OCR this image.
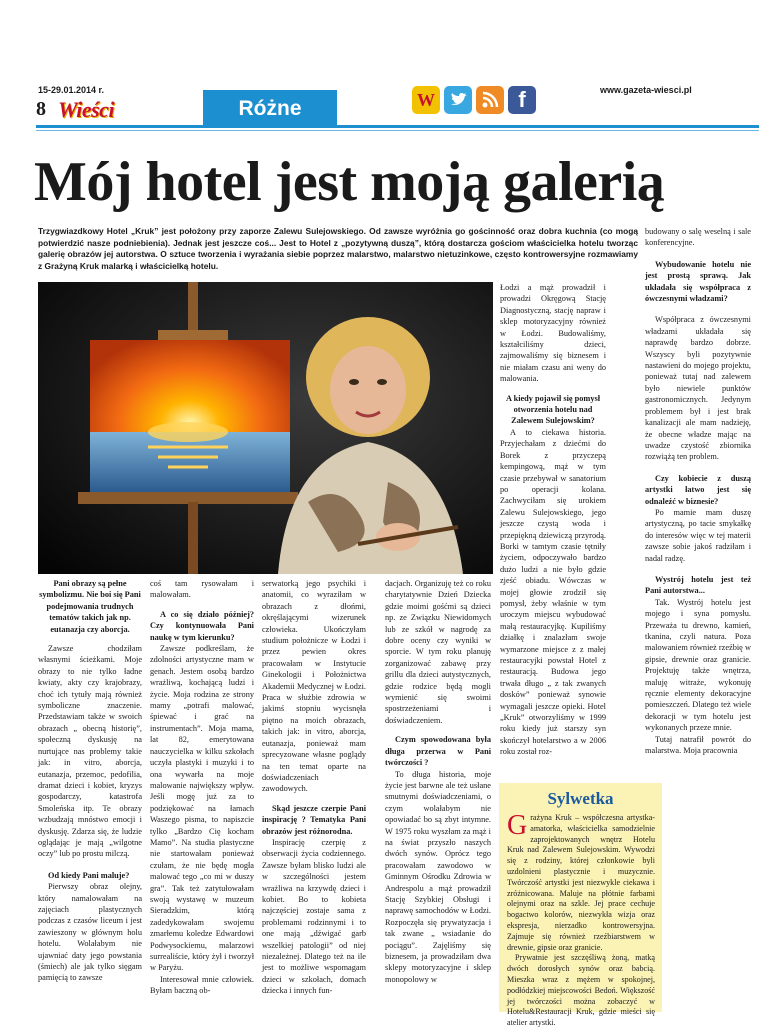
15-29.01.2014 r.	www.gazeta-wiesci.pl
8 Wieści	Różne	W	f
Mój hotel jest moją galerią
Trzygwiazdkowy Hotel „Kruk” jest położony przy zaporze Zalewu Sulejowskiego. Od zawsze wyróżnia go gościnność oraz dobra kuchnia (co mogą potwierdzić nasze podniebienia). Jednak jest jeszcze coś... Jest to Hotel z „pozytywną duszą”, którą dostarcza gościom właścicielka hotelu tworząc galerię obrazów jej autorstwa. O sztuce tworzenia i wyrażania siebie poprzez malarstwo, malarstwo nietuzinkowe, często kontrowersyjne rozmawiamy z Grażyną Kruk malarką i właścicielką hotelu.

Łodzi a mąż prowadził i prowadzi Okręgową Stację Diagnostyczną, stację napraw i sklep motoryzacyjny również w Łodzi. Budowaliśmy, kształciliśmy dzieci, zajmowaliśmy się biznesem i nie miałam czasu ani weny do malowania.

A kiedy pojawił się pomysł otworzenia hotelu nad Zalewem Sulejowskim?

A to ciekawa historia. Przyjechałam z dziećmi do Borek z przyczepą kempingową, mąż w tym czasie przebywał w sanatorium po operacji kolana. Zachwyciłam się urokiem Zalewu Sulejowskiego, jego jeszcze czystą woda i przepiękną dziewiczą przyrodą. Borki w tamtym czasie tętniły życiem, odpoczywało bardzo dużo ludzi a nie było gdzie zjeść obiadu. Wówczas w mojej głowie zrodził się pomysł, żeby właśnie w tym uroczym miejscu wybudować małą restauracyjkę. Kupiliśmy działkę i znalazłam swoje wymarzone miejsce z z małej restauracyjki powstał Hotel z restauracją. Budowa jego trwała długo „ z tak zwanych dosków” ponieważ synowie wymagali jeszcze opieki. Hotel „Kruk” otworzyliśmy w 1999 roku kiedy już starszy syn skończył hotelarstwo a w 2006 roku został roz-

budowany o salę weselną i sale konferencyjne.

Wybudowanie hotelu nie jest prostą sprawą. Jak układała się współpraca z ówczesnymi władzami?

Współpraca z ówczesnymi władzami układała się naprawdę bardzo dobrze. Wszyscy byli pozytywnie nastawieni do mojego projektu, ponieważ tutaj nad zalewem było niewiele punktów gastronomicznych. Jedynym problemem był i jest brak kanalizacji ale mam nadzieję, że obecne władze mając na uwadze czystość zbiornika rozwiążą ten problem.

Czy kobiecie z duszą artystki łatwo jest się odnaleźć w biznesie?

Po mamie mam duszę artystyczną, po tacie smykałkę do interesów więc w tej materii zawsze sobie jakoś radziłam i nadal radzę.

Wystrój hotelu jest też Pani autorstwa...

Tak. Wystrój hotelu jest mojego i syna pomysłu. Przeważa tu drewno, kamień, tkanina, czyli natura. Poza malowaniem również rzeźbię w gipsie, drewnie oraz granicie. Projektuję także wnętrza, maluję witraże, wykonuję ręcznie elementy dekoracyjne pomieszczeń. Dlatego też wiele dekoracji w tym hotelu jest wykonanych przeze mnie.

Tutaj natrafił powrót do malarstwa. Moja pracownia

Pani obrazy są pełne symbolizmu. Nie boi się Pani podejmowania trudnych tematów takich jak np. eutanazja czy aborcja.

Zawsze chodziłam własnymi ścieżkami. Moje obrazy to nie tylko ładne kwiaty, akty czy krajobrazy, choć ich tytuły mają również symboliczne znaczenie. Przedstawiam także w swoich obrazach „ obecną historię”, społeczną dyskusję na nurtujące nas problemy takie jak: in vitro, aborcja, eutanazja, przemoc, pedofilia, dramat dzieci i kobiet, kryzys gospodarczy, katastrofa Smoleńska itp. Te obrazy wzbudzają mnóstwo emocji i dyskusję. Zdarza się, że ludzie oglądając je mają „wilgotne oczy” lub po prostu milczą.

Od kiedy Pani maluje?

Pierwszy obraz olejny, który namalowałam na zajęciach plastycznych podczas z czasów liceum i jest zawieszony w głównym holu hotelu. Wolałabym nie ujawniać daty jego powstania (śmiech) ale jak tylko sięgam pamięcią to zawsze

coś tam rysowałam i malowałam.

A co się działo później? Czy kontynuowała Pani naukę w tym kierunku?

Zawsze podkreślam, że zdolności artystyczne mam w genach. Jestem osobą bardzo wrażliwą, kochającą ludzi i życie. Moja rodzina ze strony mamy „potrafi malować, śpiewać i grać na instrumentach”. Moja mama, lat 82, emerytowana nauczycielka w kilku szkołach uczyła plastyki i muzyki i to ona wywarła na moje malowanie największy wpływ. Jeśli mogę już za to podziękować na łamach Waszego pisma, to napiszcie tylko „Bardzo Cię kocham Mamo”. Na studia plastyczne nie startowałam ponieważ czułam, że nie będę mogła malować tego „co mi w duszy gra”. Tak też zatytułowałam swoją wystawę w muzeum Sieradzkim, którą zadedykowałam swojemu zmarłemu koledze Edwardowi Podwysockiemu, malarzowi surrealiście, który żył i tworzył w Paryżu.

Interesował mnie człowiek. Byłam baczną ob-

serwatorką jego psychiki i anatomii, co wyraziłam w obrazach z dłońmi, okręślającymi wizerunek człowieka. Ukończyłam studium położnicze w Łodzi i przez pewien okres pracowałam w Instytucie Ginekologii i Położnictwa Akademii Medycznej w Łodzi. Praca w służbie zdrowia w jakimś stopniu wycisnęła piętno na moich obrazach, takich jak: in vitro, aborcja, eutanazja, ponieważ mam sprecyzowane własne poglądy na ten temat oparte na doświadczeniach zawodowych.

Skąd jeszcze czerpie Pani inspirację ? Tematyka Pani obrazów jest różnorodna.

Inspirację czerpię z obserwacji życia codziennego. Zawsze byłam blisko ludzi ale w szczególności jestem wrażliwa na krzywdę dzieci i kobiet. Bo to kobieta najczęściej zostaje sama z problemami rodzinnymi i to one mają „dźwigać garb wszelkiej patologii” od niej niezależnej. Dlatego też na ile jest to możliwe wspomagam dzieci w szkołach, domach dziecka i innych fun-

dacjach. Organizuję też co roku charytatywnie Dzień Dziecka gdzie moimi gośćmi są dzieci np. ze Związku Niewidomych lub ze szkół w nagrodę za dobre oceny czy wyniki w sporcie. W tym roku planuję zorganizować zabawę przy grillu dla dzieci autystycznych, gdzie rodzice będą mogli wymienić się swoimi spostrzeżeniami i doświadczeniem.

Czym spowodowana była długa przerwa w Pani twórczości ?

To długa historia, moje życie jest barwne ale też usłane smutnymi doświadczeniami, o czym wolałabym nie opowiadać bo są zbyt intymne. W 1975 roku wyszłam za mąż i na świat przyszło naszych dwóch synów. Oprócz tego pracowałam zawodowo w Gminnym Ośrodku Zdrowia w Andrespolu a mąż prowadził Stację Szybkiej Obsługi i naprawę samochodów w Łodzi. Rozpoczęła się prywatyzacja i tak zwane „ wsiadanie do pociągu”. Zajęliśmy się biznesem, ja prowadziłam dwa sklepy motoryzacyjne i sklep monopolowy w

Sylwetka

Grażyna Kruk – współczesna artystka-amatorka, właścicielka samodzielnie zaprojektowanych wnętrz Hotelu Kruk nad Zalewem Sulejowskim. Wywodzi się z rodziny, której członkowie byli uzdolnieni plastycznie i muzycznie. Twórczość artystki jest niezwykle ciekawa i zróżnicowana. Maluje na płótnie farbami olejnymi oraz na szkle. Jej prace cechuje bogactwo kolorów, niezwykła wizja oraz ekspresja, nierzadko kontrowersyjna. Zajmuje się również rzeźbiarstwem w drewnie, gipsie oraz granicie.

Prywatnie jest szczęśliwą żoną, matką dwóch dorosłych synów oraz babcią. Mieszka wraz z mężem w spokojnej, podłódzkiej miejscowości Bedoń. Większość jej twórczości można zobaczyć w Hotelu&Restauracji Kruk, gdzie mieści się atelier artystki.
